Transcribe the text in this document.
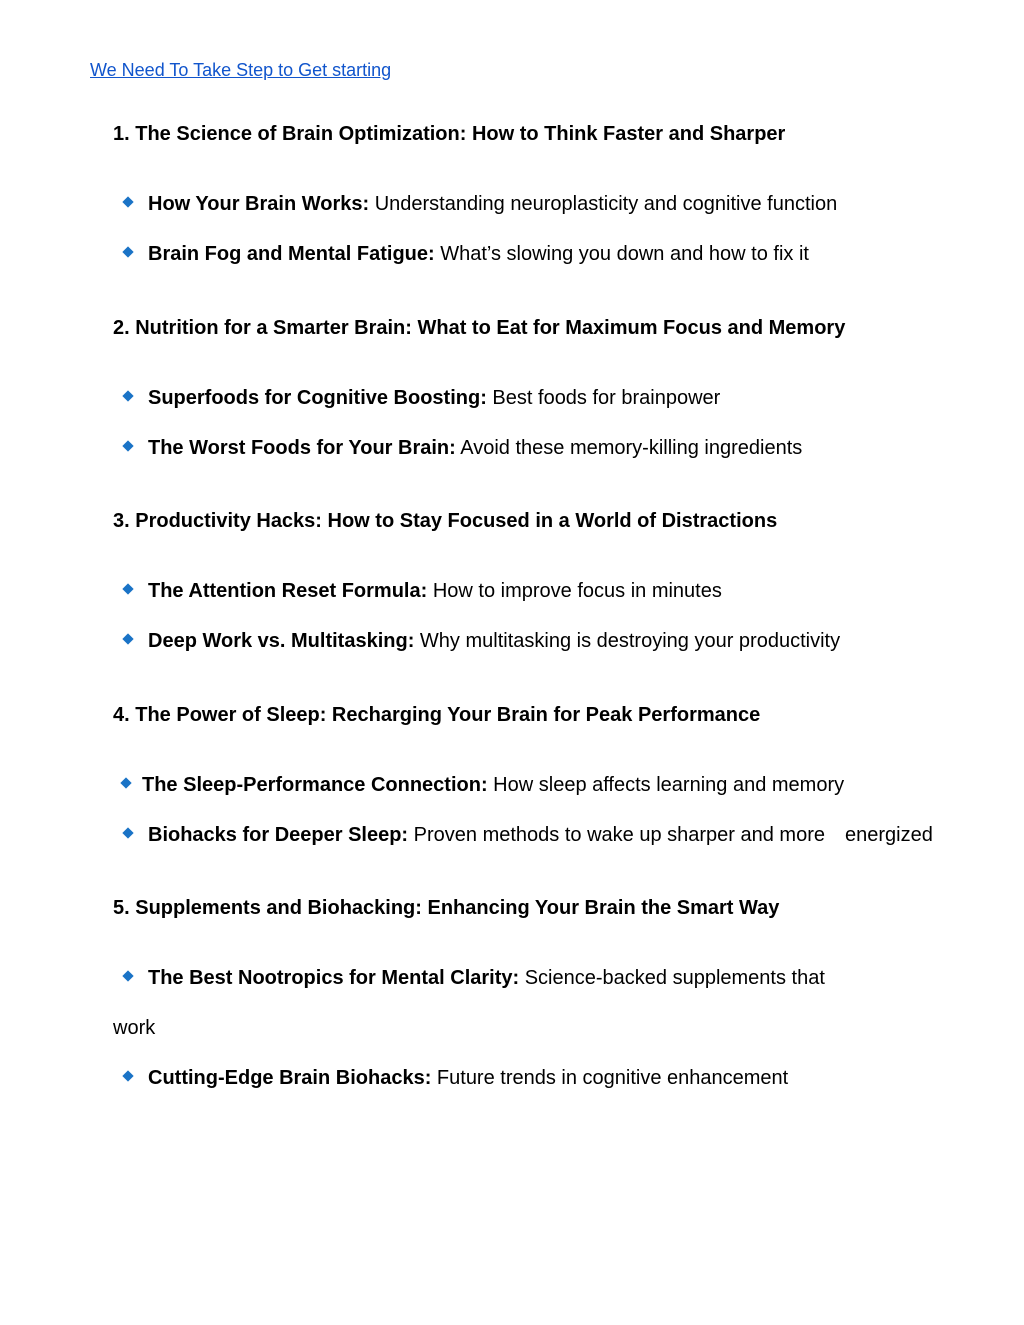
We Need To Take Step to Get starting
1. The Science of Brain Optimization: How to Think Faster and Sharper
How Your Brain Works: Understanding neuroplasticity and cognitive function
Brain Fog and Mental Fatigue: What’s slowing you down and how to fix it
2. Nutrition for a Smarter Brain: What to Eat for Maximum Focus and Memory
Superfoods for Cognitive Boosting: Best foods for brainpower
The Worst Foods for Your Brain: Avoid these memory-killing ingredients
3. Productivity Hacks: How to Stay Focused in a World of Distractions
The Attention Reset Formula: How to improve focus in minutes
Deep Work vs. Multitasking: Why multitasking is destroying your productivity
4. The Power of Sleep: Recharging Your Brain for Peak Performance
The Sleep-Performance Connection: How sleep affects learning and memory
Biohacks for Deeper Sleep: Proven methods to wake up sharper and more energized
5. Supplements and Biohacking: Enhancing Your Brain the Smart Way
The Best Nootropics for Mental Clarity: Science-backed supplements that
work
Cutting-Edge Brain Biohacks: Future trends in cognitive enhancement
